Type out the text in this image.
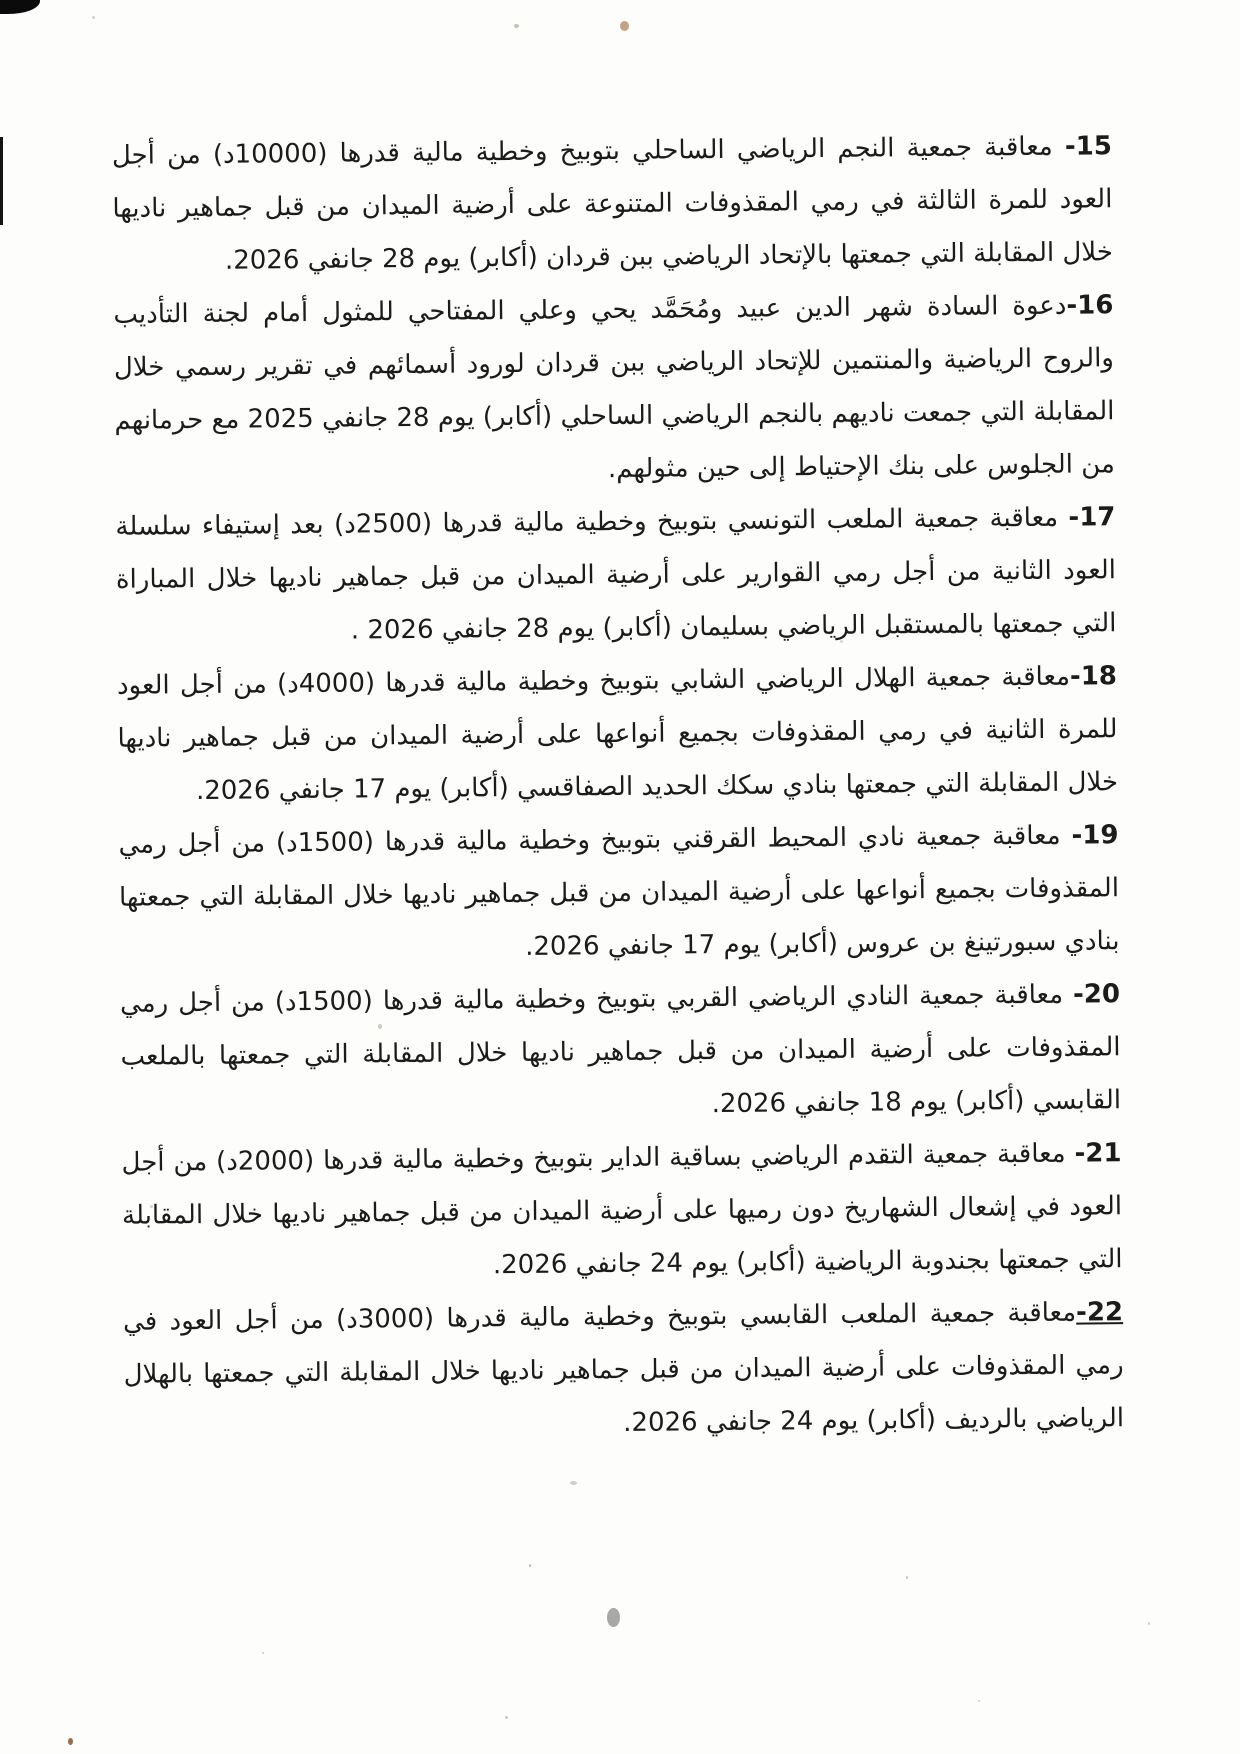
15- معاقبة جمعية النجم الرياضي الساحلي بتوبيخ وخطية مالية قدرها (10000د) من أجل العود للمرة الثالثة في رمي المقذوفات المتنوعة على أرضية الميدان من قبل جماهير ناديها خلال المقابلة التي جمعتها بالإتحاد الرياضي ببن قردان (أكابر) يوم 28 جانفي 2026.

16-دعوة السادة شهر الدين عبيد ومُحَمَّد يحي وعلي المفتاحي للمثول أمام لجنة التأديب والروح الرياضية والمنتمين للإتحاد الرياضي ببن قردان لورود أسمائهم في تقرير رسمي خلال المقابلة التي جمعت ناديهم بالنجم الرياضي الساحلي (أكابر) يوم 28 جانفي 2025 مع حرمانهم من الجلوس على بنك الإحتياط إلى حين مثولهم.

17- معاقبة جمعية الملعب التونسي بتوبيخ وخطية مالية قدرها (2500د) بعد إستيفاء سلسلة العود الثانية من أجل رمي القوارير على أرضية الميدان من قبل جماهير ناديها خلال المباراة التي جمعتها بالمستقبل الرياضي بسليمان (أكابر) يوم 28 جانفي 2026 .

18-معاقبة جمعية الهلال الرياضي الشابي بتوبيخ وخطية مالية قدرها (4000د) من أجل العود للمرة الثانية في رمي المقذوفات بجميع أنواعها على أرضية الميدان من قبل جماهير ناديها خلال المقابلة التي جمعتها بنادي سكك الحديد الصفاقسي (أكابر) يوم 17 جانفي 2026.

19- معاقبة جمعية نادي المحيط القرقني بتوبيخ وخطية مالية قدرها (1500د) من أجل رمي المقذوفات بجميع أنواعها على أرضية الميدان من قبل جماهير ناديها خلال المقابلة التي جمعتها بنادي سبورتينغ بن عروس (أكابر) يوم 17 جانفي 2026.

20- معاقبة جمعية النادي الرياضي القربي بتوبيخ وخطية مالية قدرها (1500د) من أجل رمي المقذوفات على أرضية الميدان من قبل جماهير ناديها خلال المقابلة التي جمعتها بالملعب القابسي (أكابر) يوم 18 جانفي 2026.

21- معاقبة جمعية التقدم الرياضي بساقية الداير بتوبيخ وخطية مالية قدرها (2000د) من أجل العود في إشعال الشهاريخ دون رميها على أرضية الميدان من قبل جماهير ناديها خلال المقابلة التي جمعتها بجندوبة الرياضية (أكابر) يوم 24 جانفي 2026.

22-معاقبة جمعية الملعب القابسي بتوبيخ وخطية مالية قدرها (3000د) من أجل العود في رمي المقذوفات على أرضية الميدان من قبل جماهير ناديها خلال المقابلة التي جمعتها بالهلال الرياضي بالرديف (أكابر) يوم 24 جانفي 2026.
